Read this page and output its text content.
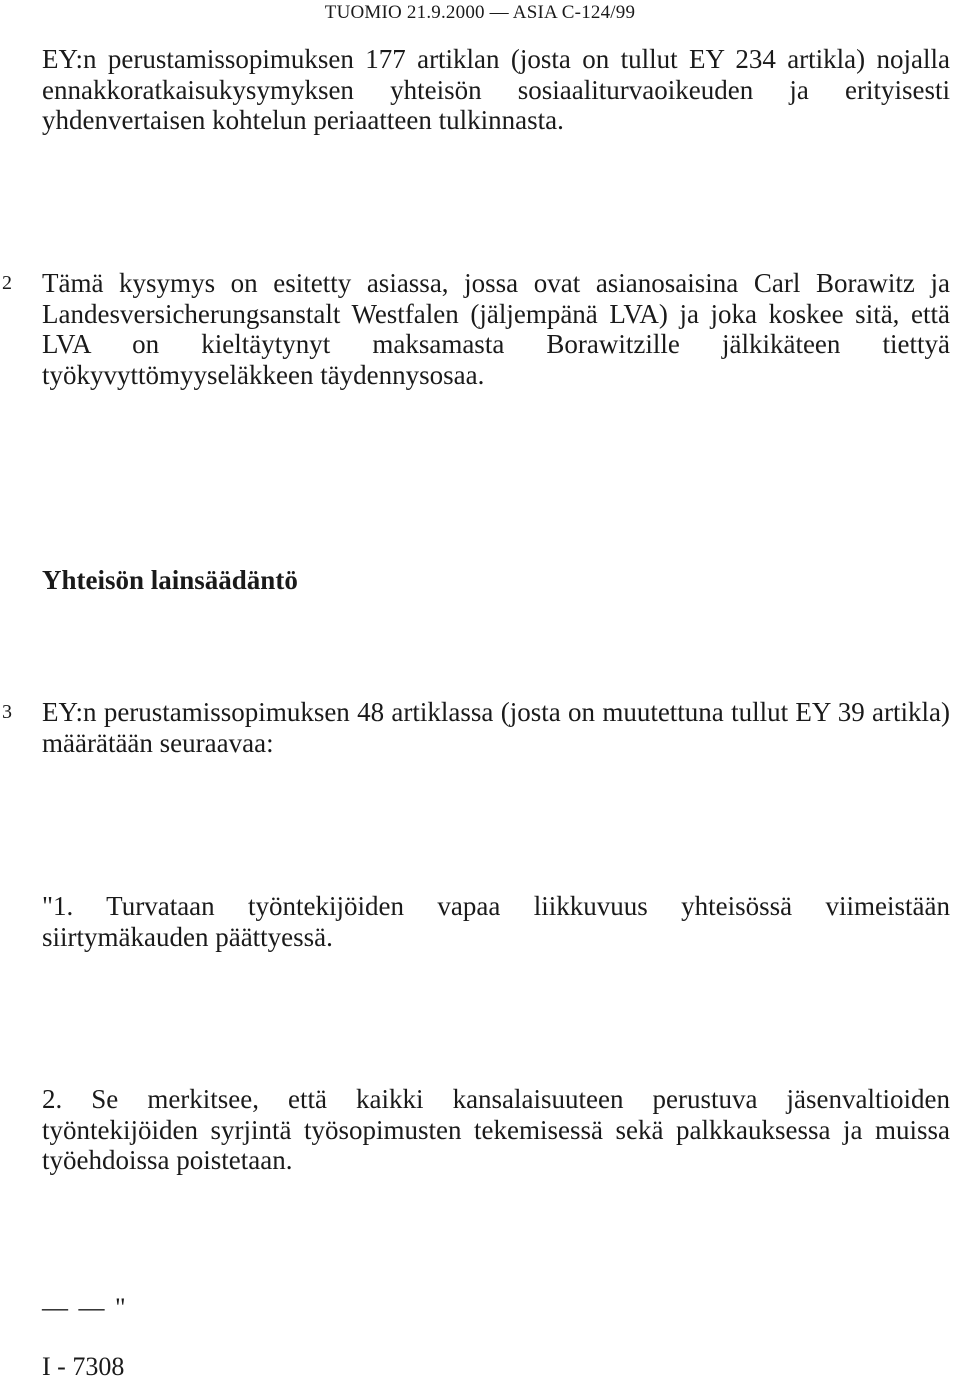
TUOMIO 21.9.2000 — ASIA C-124/99
EY:n perustamissopimuksen 177 artiklan (josta on tullut EY 234 artikla) nojalla ennakkoratkaisukysymyksen yhteisön sosiaaliturvaoikeuden ja erityisesti yhdenvertaisen kohtelun periaatteen tulkinnasta.
2 Tämä kysymys on esitetty asiassa, jossa ovat asianosaisina Carl Borawitz ja Landesversicherungsanstalt Westfalen (jäljempänä LVA) ja joka koskee sitä, että LVA on kieltäytynyt maksamasta Borawitzille jälkikäteen tiettyä työkyvyttömyyseläkkeen täydennysosaa.
Yhteisön lainsäädäntö
3 EY:n perustamissopimuksen 48 artiklassa (josta on muutettuna tullut EY 39 artikla) määrätään seuraavaa:
"1. Turvataan työntekijöiden vapaa liikkuvuus yhteisössä viimeistään siirtymäkauden päättyessä.
2. Se merkitsee, että kaikki kansalaisuuteen perustuva jäsenvaltioiden työntekijöiden syrjintä työsopimusten tekemisessä sekä palkkauksessa ja muissa työehdoissa poistetaan.
— — "
I - 7308
